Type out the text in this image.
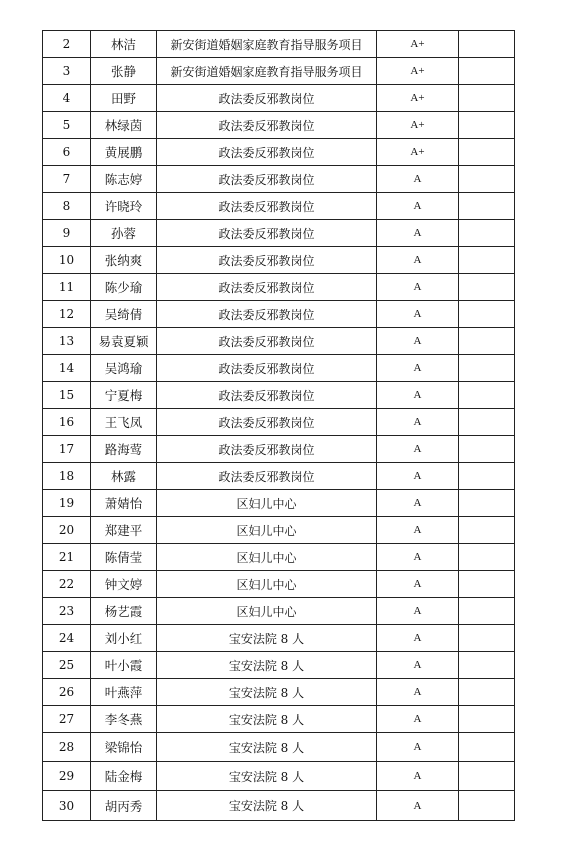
2	林洁	新安街道婚姻家庭教育指导服务项目	A+	
3	张静	新安街道婚姻家庭教育指导服务项目	A+	
4	田野	政法委反邪教岗位	A+	
5	林绿茵	政法委反邪教岗位	A+	
6	黄展鹏	政法委反邪教岗位	A+	
7	陈志婷	政法委反邪教岗位	A	
8	许晓玲	政法委反邪教岗位	A	
9	孙蓉	政法委反邪教岗位	A	
10	张纳爽	政法委反邪教岗位	A	
11	陈少瑜	政法委反邪教岗位	A	
12	吴绮倩	政法委反邪教岗位	A	
13	易袁夏颖	政法委反邪教岗位	A	
14	吴鸿瑜	政法委反邪教岗位	A	
15	宁夏梅	政法委反邪教岗位	A	
16	王飞凤	政法委反邪教岗位	A	
17	路海莺	政法委反邪教岗位	A	
18	林露	政法委反邪教岗位	A	
19	萧婧怡	区妇儿中心	A	
20	郑建平	区妇儿中心	A	
21	陈倩莹	区妇儿中心	A	
22	钟文婷	区妇儿中心	A	
23	杨艺霞	区妇儿中心	A	
24	刘小红	宝安法院 8 人	A	
25	叶小霞	宝安法院 8 人	A	
26	叶燕萍	宝安法院 8 人	A	
27	李冬燕	宝安法院 8 人	A	
28	梁锦怡	宝安法院 8 人	A	
29	陆金梅	宝安法院 8 人	A	
30	胡丙秀	宝安法院 8 人	A	
